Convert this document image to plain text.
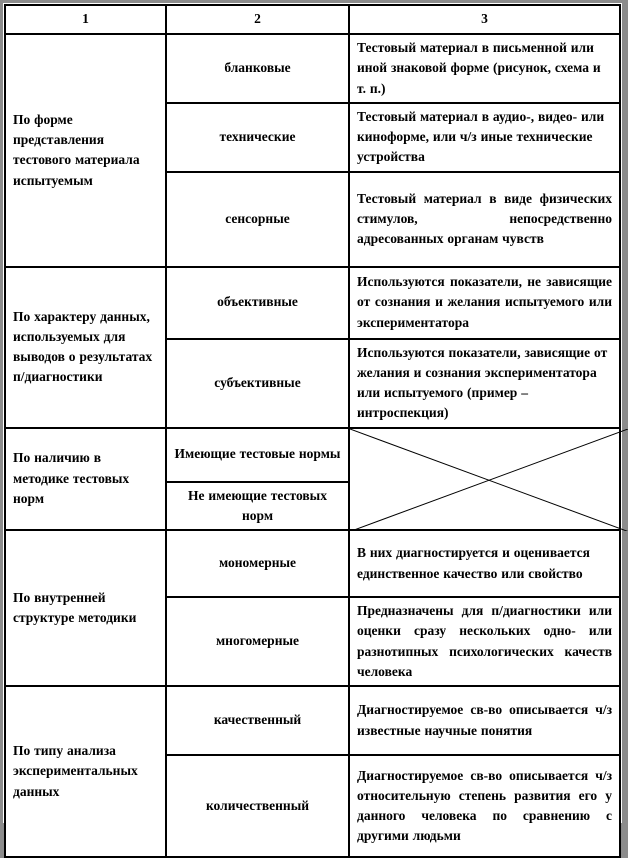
1	2	3
По форме представления тестового материала испытуемым	бланковые	Тестовый материал в письменной или иной знаковой форме (рисунок, схема и т. п.)
	технические	Тестовый материал в аудио-, видео- или киноформе, или ч/з иные технические устройства
	сенсорные	Тестовый материал в виде физических стимулов, непосредственно адресованных органам чувств
По характеру данных, используемых для выводов о результатах п/диагностики	объективные	Используются показатели, не зависящие от сознания и желания испытуемого или экспериментатора
	субъективные	Используются показатели, зависящие от желания и сознания экспериментатора или испытуемого (пример – интроспекция)
По наличию в методике тестовых норм	Имеющие тестовые нормы	

	Не имеющие тестовых норм	
По внутренней структуре методики	мономерные	В них диагностируется и оценивается единственное качество или свойство
	многомерные	Предназначены для п/диагностики или оценки сразу нескольких одно- или разнотипных психологических качеств человека
По типу анализа экспериментальных данных	качественный	Диагностируемое св-во описывается ч/з известные научные понятия
	количественный	Диагностируемое св-во описывается ч/з относительную степень развития его у данного человека по сравнению с другими людьми
